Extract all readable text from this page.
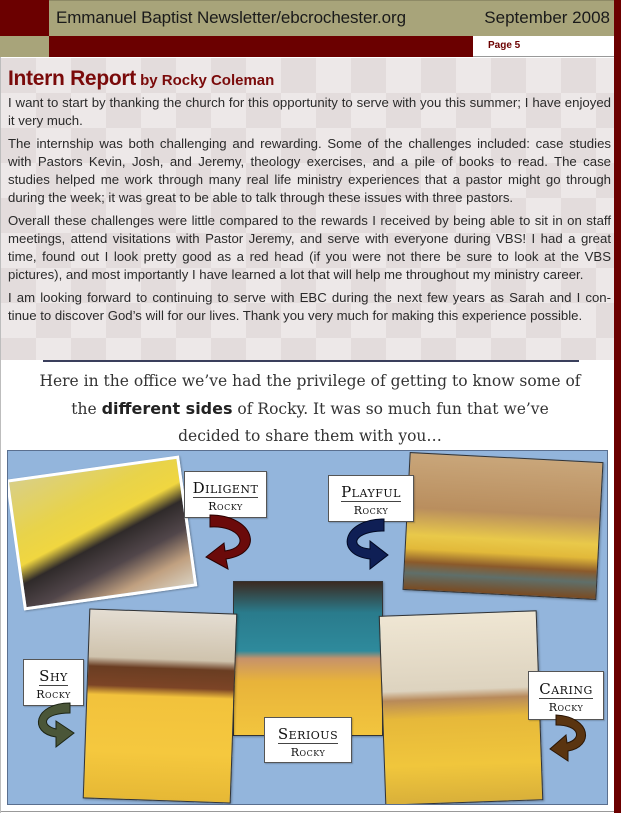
Emmanuel Baptist Newsletter/ebcrochester.org	September 2008
Page 5
Intern Report by Rocky Coleman

I want to start by thanking the church for this opportunity to serve with you this summer; I have enjoyed it very much.

The internship was both challenging and rewarding. Some of the challenges included: case studies with Pastors Kevin, Josh, and Jeremy, theology exercises, and a pile of books to read. The case studies helped me work through many real life ministry experiences that a pastor might go through during the week; it was great to be able to talk through these issues with three pastors.

Overall these challenges were little compared to the rewards I received by being able to sit in on staff meetings, attend visitations with Pastor Jeremy, and serve with everyone during VBS! I had a great time, found out I look pretty good as a red head (if you were not there be sure to look at the VBS pictures), and most importantly I have learned a lot that will help me throughout my ministry career.

I am looking forward to continuing to serve with EBC during the next few years as Sarah and I con-tinue to discover God’s will for our lives. Thank you very much for making this experience possible.

Here in the office we’ve had the privilege of getting to know some of
the different sides of Rocky. It was so much fun that we’ve
decided to share them with you…
Diligent
Rocky
Playful
Rocky
Shy
Rocky
Serious
Rocky
Caring
Rocky
